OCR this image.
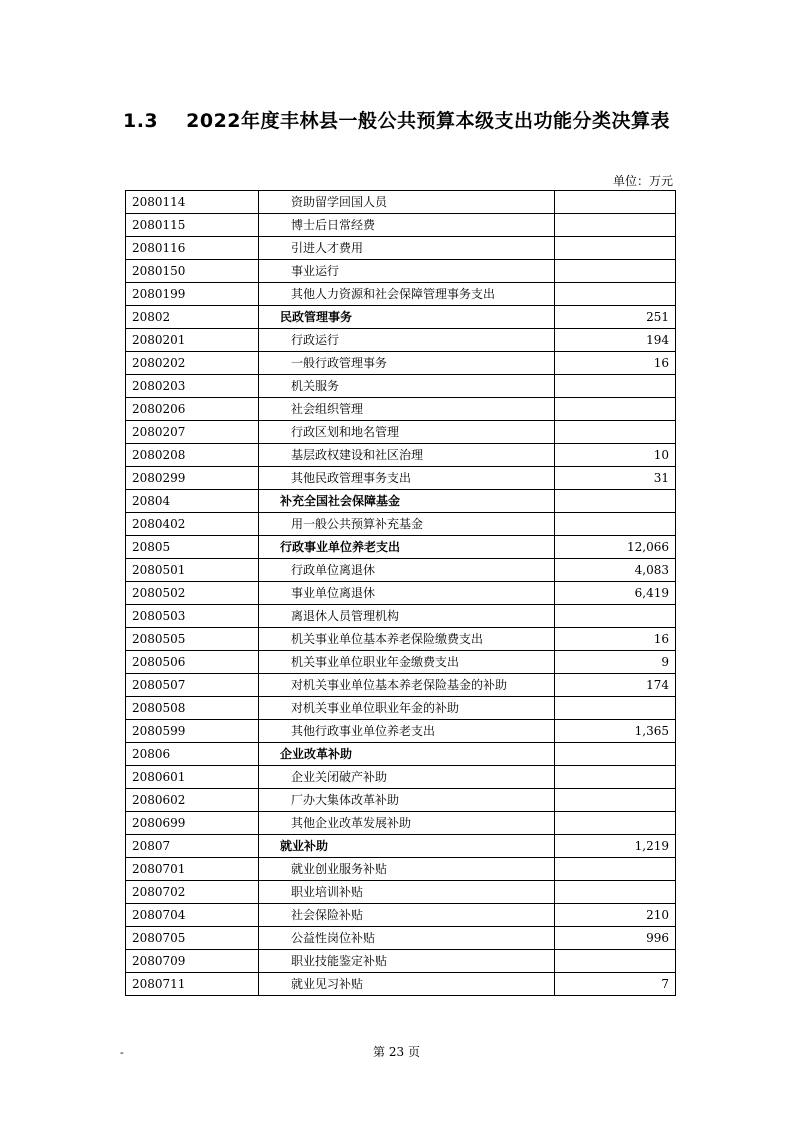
1.3 2022年度丰林县一般公共预算本级支出功能分类决算表
单位：万元
2080114	资助留学回国人员	
2080115	博士后日常经费	
2080116	引进人才费用	
2080150	事业运行	
2080199	其他人力资源和社会保障管理事务支出	
20802	民政管理事务	251
2080201	行政运行	194
2080202	一般行政管理事务	16
2080203	机关服务	
2080206	社会组织管理	
2080207	行政区划和地名管理	
2080208	基层政权建设和社区治理	10
2080299	其他民政管理事务支出	31
20804	补充全国社会保障基金	
2080402	用一般公共预算补充基金	
20805	行政事业单位养老支出	12,066
2080501	行政单位离退休	4,083
2080502	事业单位离退休	6,419
2080503	离退休人员管理机构	
2080505	机关事业单位基本养老保险缴费支出	16
2080506	机关事业单位职业年金缴费支出	9
2080507	对机关事业单位基本养老保险基金的补助	174
2080508	对机关事业单位职业年金的补助	
2080599	其他行政事业单位养老支出	1,365
20806	企业改革补助	
2080601	企业关闭破产补助	
2080602	厂办大集体改革补助	
2080699	其他企业改革发展补助	
20807	就业补助	1,219
2080701	就业创业服务补贴	
2080702	职业培训补贴	
2080704	社会保险补贴	210
2080705	公益性岗位补贴	996
2080709	职业技能鉴定补贴	
2080711	就业见习补贴	7
-	第 23 页
